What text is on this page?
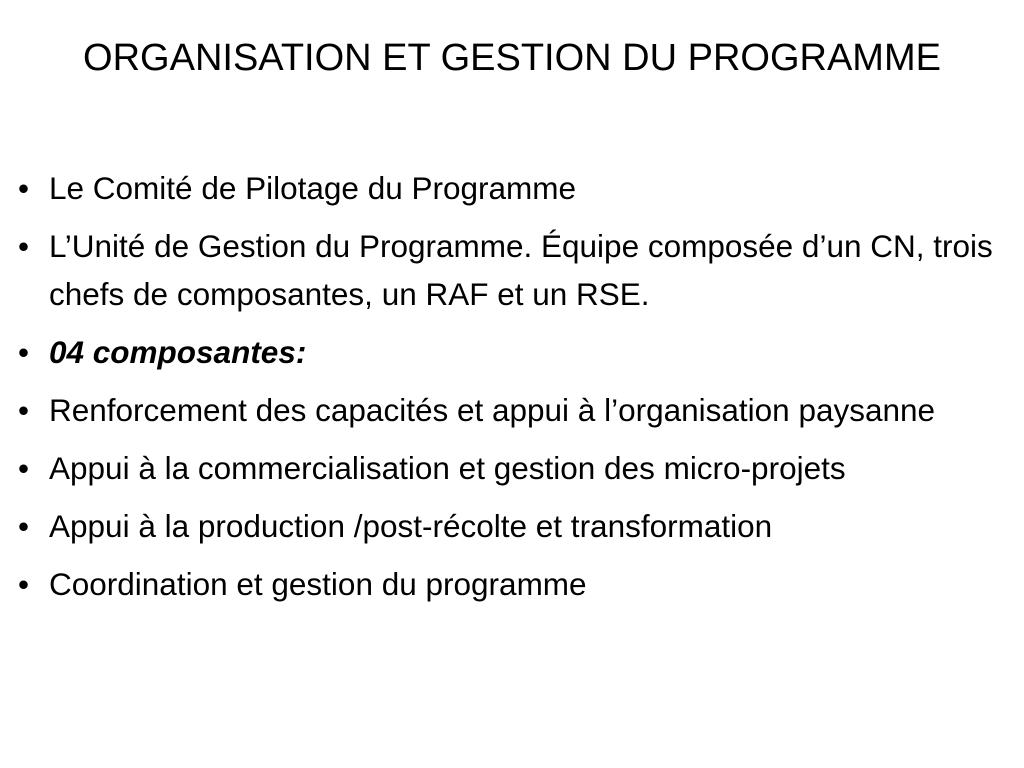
ORGANISATION ET GESTION DU PROGRAMME
• Le Comité de Pilotage du Programme
• L’Unité de Gestion du Programme. Équipe composée d’un CN, trois chefs de composantes, un RAF et un RSE.
• 04 composantes:
• Renforcement des capacités et appui à l’organisation paysanne
• Appui à la commercialisation et gestion des micro-projets
• Appui à la production /post-récolte et transformation
• Coordination et gestion du programme
